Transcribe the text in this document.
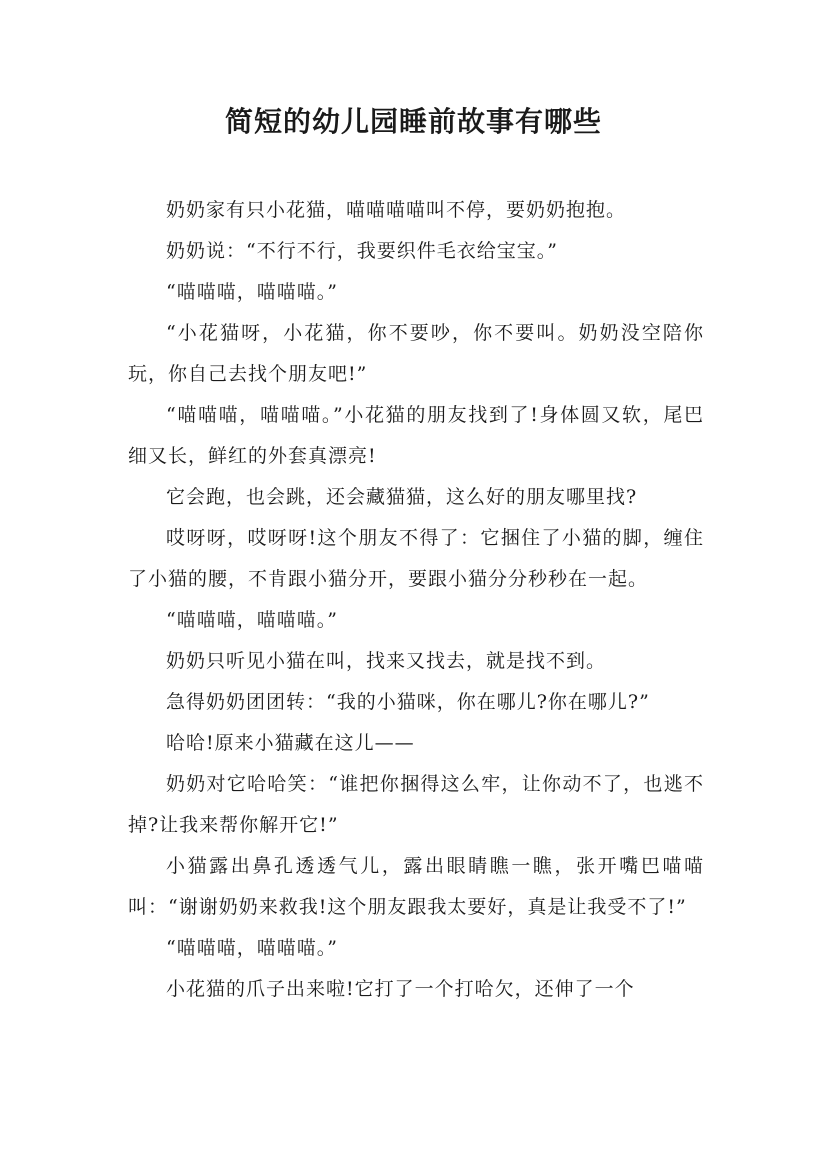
简短的幼儿园睡前故事有哪些

奶奶家有只小花猫，喵喵喵喵叫不停，要奶奶抱抱。

奶奶说：“不行不行，我要织件毛衣给宝宝。”

“喵喵喵，喵喵喵。”

“小花猫呀，小花猫，你不要吵，你不要叫。奶奶没空陪你玩，你自己去找个朋友吧!”

“喵喵喵，喵喵喵。”小花猫的朋友找到了!身体圆又软，尾巴细又长，鲜红的外套真漂亮!

它会跑，也会跳，还会藏猫猫，这么好的朋友哪里找?

哎呀呀，哎呀呀!这个朋友不得了：它捆住了小猫的脚，缠住了小猫的腰，不肯跟小猫分开，要跟小猫分分秒秒在一起。

“喵喵喵，喵喵喵。”

奶奶只听见小猫在叫，找来又找去，就是找不到。

急得奶奶团团转：“我的小猫咪，你在哪儿?你在哪儿?”

哈哈!原来小猫藏在这儿——

奶奶对它哈哈笑：“谁把你捆得这么牢，让你动不了，也逃不掉?让我来帮你解开它!”

小猫露出鼻孔透透气儿，露出眼睛瞧一瞧，张开嘴巴喵喵叫：“谢谢奶奶来救我!这个朋友跟我太要好，真是让我受不了!”

“喵喵喵，喵喵喵。”

小花猫的爪子出来啦!它打了一个打哈欠，还伸了一个
